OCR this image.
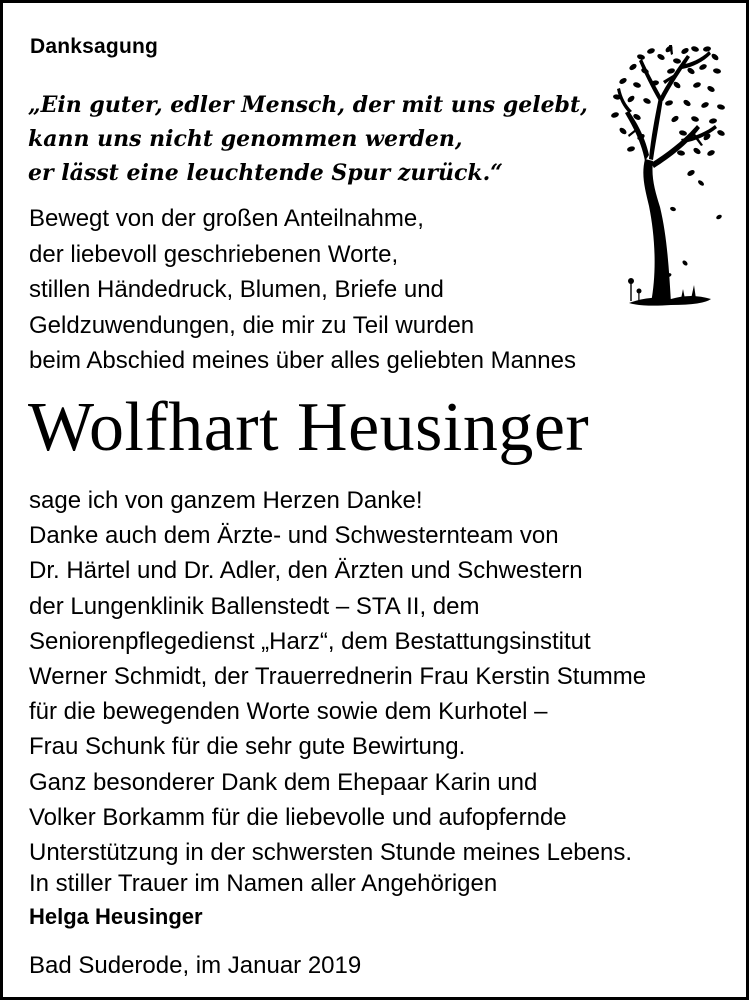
Danksagung
„Ein guter, edler Mensch, der mit uns gelebt,
kann uns nicht genommen werden,
er lässt eine leuchtende Spur zurück.“
Bewegt von der großen Anteilnahme,
der liebevoll geschriebenen Worte,
stillen Händedruck, Blumen, Briefe und
Geldzuwendungen, die mir zu Teil wurden
beim Abschied meines über alles geliebten Mannes
Wolfhart Heusinger
sage ich von ganzem Herzen Danke!
Danke auch dem Ärzte- und Schwesternteam von
Dr. Härtel und Dr. Adler, den Ärzten und Schwestern
der Lungenklinik Ballenstedt – STA II, dem
Seniorenpflegedienst „Harz“, dem Bestattungsinstitut
Werner Schmidt, der Trauerrednerin Frau Kerstin Stumme
für die bewegenden Worte sowie dem Kurhotel –
Frau Schunk für die sehr gute Bewirtung.
Ganz besonderer Dank dem Ehepaar Karin und
Volker Borkamm für die liebevolle und aufopfernde
Unterstützung in der schwersten Stunde meines Lebens.
In stiller Trauer im Namen aller Angehörigen
Helga Heusinger
Bad Suderode, im Januar 2019
